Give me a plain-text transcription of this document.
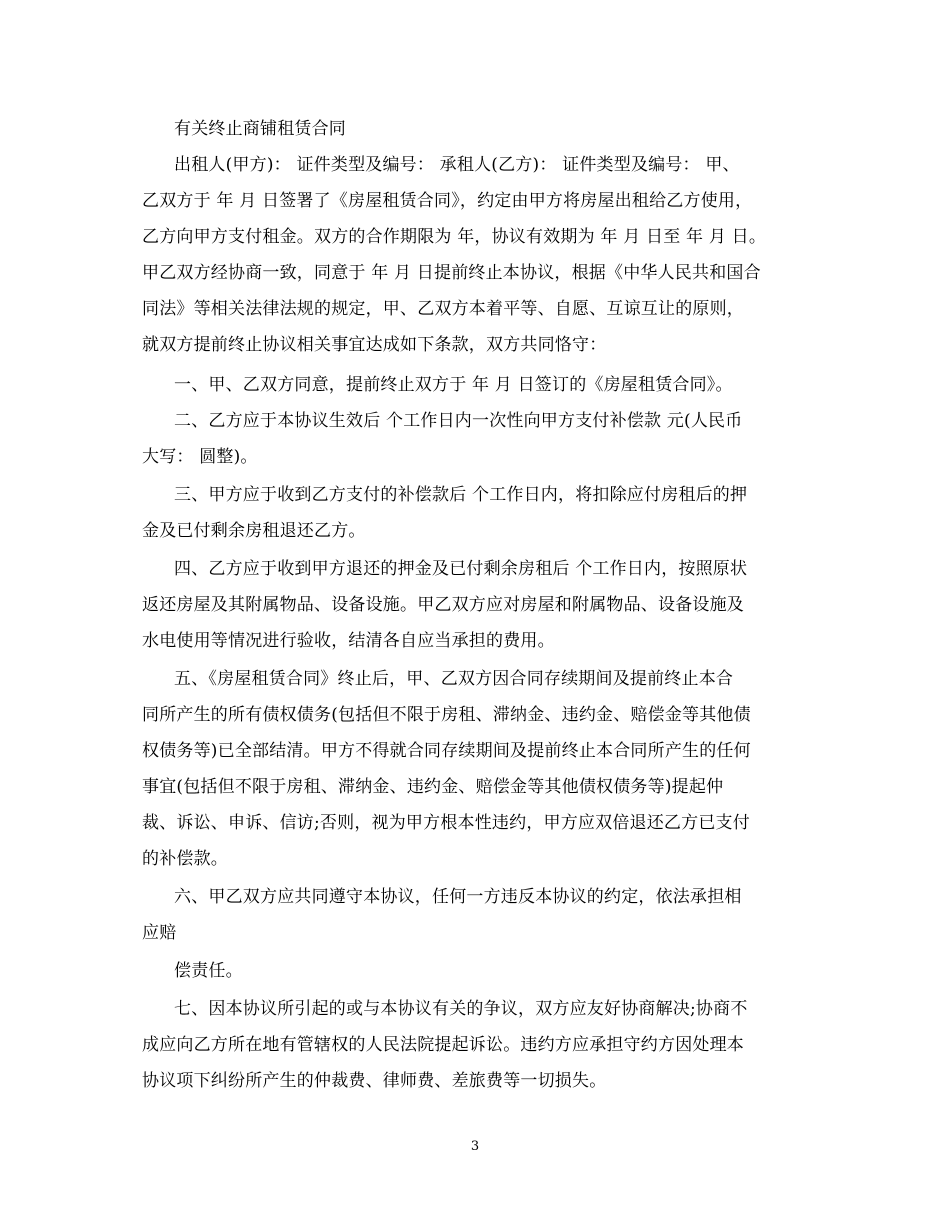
有关终止商铺租赁合同
出租人(甲方)： 证件类型及编号： 承租人(乙方)： 证件类型及编号： 甲、
乙双方于 年 月 日签署了《房屋租赁合同》，约定由甲方将房屋出租给乙方使用，
乙方向甲方支付租金。双方的合作期限为 年，协议有效期为 年 月 日至 年 月 日。
甲乙双方经协商一致，同意于 年 月 日提前终止本协议，根据《中华人民共和国合
同法》等相关法律法规的规定，甲、乙双方本着平等、自愿、互谅互让的原则，
就双方提前终止协议相关事宜达成如下条款，双方共同恪守：
一、甲、乙双方同意，提前终止双方于 年 月 日签订的《房屋租赁合同》。
二、乙方应于本协议生效后 个工作日内一次性向甲方支付补偿款 元(人民币
大写： 圆整)。
三、甲方应于收到乙方支付的补偿款后 个工作日内，将扣除应付房租后的押
金及已付剩余房租退还乙方。
四、乙方应于收到甲方退还的押金及已付剩余房租后 个工作日内，按照原状
返还房屋及其附属物品、设备设施。甲乙双方应对房屋和附属物品、设备设施及
水电使用等情况进行验收，结清各自应当承担的费用。
五、《房屋租赁合同》终止后，甲、乙双方因合同存续期间及提前终止本合
同所产生的所有债权债务(包括但不限于房租、滞纳金、违约金、赔偿金等其他债
权债务等)已全部结清。甲方不得就合同存续期间及提前终止本合同所产生的任何
事宜(包括但不限于房租、滞纳金、违约金、赔偿金等其他债权债务等)提起仲
裁、诉讼、申诉、信访;否则，视为甲方根本性违约，甲方应双倍退还乙方已支付
的补偿款。
六、甲乙双方应共同遵守本协议，任何一方违反本协议的约定，依法承担相
应赔
偿责任。
七、因本协议所引起的或与本协议有关的争议，双方应友好协商解决;协商不
成应向乙方所在地有管辖权的人民法院提起诉讼。违约方应承担守约方因处理本
协议项下纠纷所产生的仲裁费、律师费、差旅费等一切损失。
3
